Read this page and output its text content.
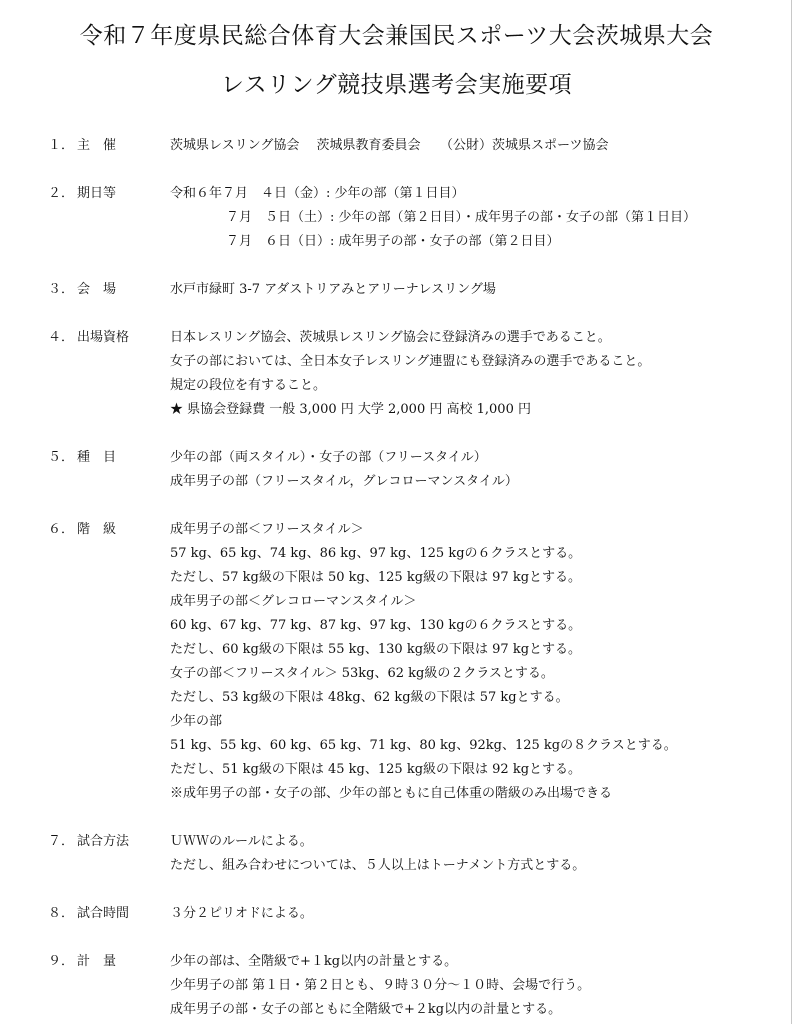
令和７年度県民総合体育大会兼国民スポーツ大会茨城県大会
レスリング競技県選考会実施要項
１． 主　催	茨城県レスリング協会　 茨城県教育委員会　　（公財）茨城県スポーツ協会
２． 期日等	令和６年７月　４日（金）: 少年の部（第１日目）
７月　５日（土）: 少年の部（第２日目）・成年男子の部・女子の部（第１日目）
７月　６日（日）: 成年男子の部・女子の部（第２日目）
３． 会　場	水戸市緑町 3-7 アダストリアみとアリーナレスリング場
４． 出場資格	日本レスリング協会、茨城県レスリング協会に登録済みの選手であること。
女子の部においては、全日本女子レスリング連盟にも登録済みの選手であること。
規定の段位を有すること。
★ 県協会登録費 一般 3,000 円 大学 2,000 円 高校 1,000 円
５． 種　目	少年の部（両スタイル）・女子の部（フリースタイル）
成年男子の部（フリースタイル，グレコローマンスタイル）
６． 階　級	成年男子の部＜フリースタイル＞
57 kg、65 kg、74 kg、86 kg、97 kg、125 kgの６クラスとする。
ただし、57 kg級の下限は 50 kg、125 kg級の下限は 97 kgとする。
成年男子の部＜グレコローマンスタイル＞
60 kg、67 kg、77 kg、87 kg、97 kg、130 kgの６クラスとする。
ただし、60 kg級の下限は 55 kg、130 kg級の下限は 97 kgとする。
女子の部＜フリースタイル＞ 53kg、62 kg級の２クラスとする。
ただし、53 kg級の下限は 48kg、62 kg級の下限は 57 kgとする。
少年の部
51 kg、55 kg、60 kg、65 kg、71 kg、80 kg、92kg、125 kgの８クラスとする。
ただし、51 kg級の下限は 45 kg、125 kg級の下限は 92 kgとする。
※成年男子の部・女子の部、少年の部ともに自己体重の階級のみ出場できる
７． 試合方法	ＵＷＷのルールによる。
ただし、組み合わせについては、５人以上はトーナメント方式とする。
８． 試合時間	３分２ピリオドによる。
９． 計　量	少年の部は、全階級で+１kg以内の計量とする。
少年男子の部 第１日・第２日とも、９時３０分～１０時、会場で行う。
成年男子の部・女子の部ともに全階級で+２kg以内の計量とする。
